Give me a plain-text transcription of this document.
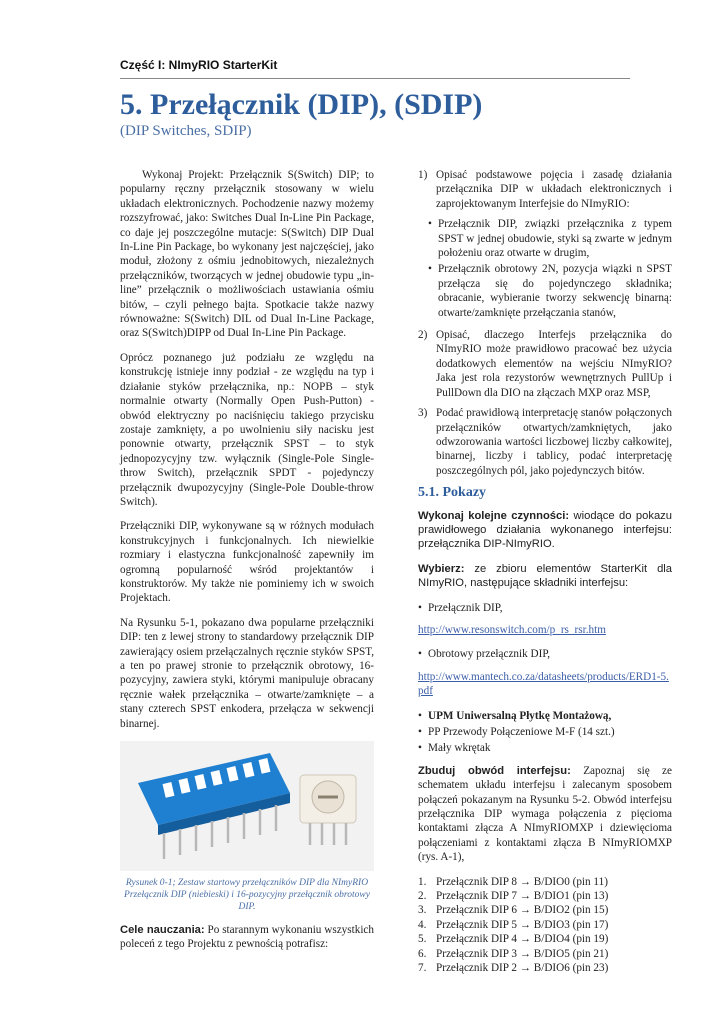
Część I: NImyRIO StarterKit
5. Przełącznik (DIP), (SDIP)
(DIP Switches, SDIP)

Wykonaj Projekt: Przełącznik S(Switch) DIP; to popularny ręczny przełącznik stosowany w wielu układach elektronicznych. Pochodzenie nazwy możemy rozszyfrować, jako: Switches Dual In-Line Pin Package, co daje jej poszczególne mutacje: S(Switch) DIP Dual In-Line Pin Package, bo wykonany jest najczęściej, jako moduł, złożony z ośmiu jednobitowych, niezależnych przełączników, tworzących w jednej obudowie typu „in-line” przełącznik o możliwościach ustawiania ośmiu bitów, – czyli pełnego bajta. Spotkacie także nazwy równoważne: S(Switch) DIL od Dual In-Line Package, oraz S(Switch)DIPP od Dual In-Line Pin Package.

Oprócz poznanego już podziału ze względu na konstrukcję istnieje inny podział - ze względu na typ i działanie styków przełącznika, np.: NOPB – styk normalnie otwarty (Normally Open Push-Putton) - obwód elektryczny po naciśnięciu takiego przycisku zostaje zamknięty, a po uwolnieniu siły nacisku jest ponownie otwarty, przełącznik SPST – to styk jednopozycyjny tzw. wyłącznik (Single-Pole Single-throw Switch), przełącznik SPDT - pojedynczy przełącznik dwupozycyjny (Single-Pole Double-throw Switch).

Przełączniki DIP, wykonywane są w różnych modułach konstrukcyjnych i funkcjonalnych. Ich niewielkie rozmiary i elastyczna funkcjonalność zapewniły im ogromną popularność wśród projektantów i konstruktorów. My także nie pominiemy ich w swoich Projektach.

Na Rysunku 5-1, pokazano dwa popularne przełączniki DIP: ten z lewej strony to standardowy przełącznik DIP zawierający osiem przełączalnych ręcznie styków SPST, a ten po prawej stronie to przełącznik obrotowy, 16-pozycyjny, zawiera styki, którymi manipuluje obracany ręcznie wałek przełącznika – otwarte/zamknięte – a stany czterech SPST enkodera, przełącza w sekwencji binarnej.

Rysunek 0-1; Zestaw startowy przełączników DIP dla NImyRIO Przełącznik DIP (niebieski) i 16-pozycyjny przełącznik obrotowy DIP.

Cele nauczania: Po starannym wykonaniu wszystkich poleceń z tego Projektu z pewnością potrafisz:

1) Opisać podstawowe pojęcia i zasadę działania przełącznika DIP w układach elektronicznych i zaprojektowanym Interfejsie do NImyRIO:
• Przełącznik DIP, związki przełącznika z typem SPST w jednej obudowie, styki są zwarte w jednym położeniu oraz otwarte w drugim,
• Przełącznik obrotowy 2N, pozycja wiązki n SPST przełącza się do pojedynczego składnika; obracanie, wybieranie tworzy sekwencję binarną: otwarte/zamknięte przełączania stanów,
2) Opisać, dlaczego Interfejs przełącznika do NImyRIO może prawidłowo pracować bez użycia dodatkowych elementów na wejściu NImyRIO? Jaka jest rola rezystorów wewnętrznych PullUp i PullDown dla DIO na złączach MXP oraz MSP,
3) Podać prawidłową interpretację stanów połączonych przełączników otwartych/zamkniętych, jako odwzorowania wartości liczbowej liczby całkowitej, binarnej, liczby i tablicy, podać interpretację poszczególnych pól, jako pojedynczych bitów.
5.1. Pokazy

Wykonaj kolejne czynności: wiodące do pokazu prawidłowego działania wykonanego interfejsu: przełącznika DIP-NImyRIO.

Wybierz: ze zbioru elementów StarterKit dla NImyRIO, następujące składniki interfejsu:

• Przełącznik DIP,

http://www.resonswitch.com/p_rs_rsr.htm

• Obrotowy przełącznik DIP,

http://www.mantech.co.za/datasheets/products/ERD1-5.pdf

• UPM Uniwersalną Płytkę Montażową,
• PP Przewody Połączeniowe M-F (14 szt.)
• Mały wkrętak

Zbuduj obwód interfejsu: Zapoznaj się ze schematem układu interfejsu i zalecanym sposobem połączeń pokazanym na Rysunku 5-2. Obwód interfejsu przełącznika DIP wymaga połączenia z pięcioma kontaktami złącza A NImyRIOMXP i dziewięcioma połączeniami z kontaktami złącza B NImyRIOMXP (rys. A-1),

1. Przełącznik DIP 8 → B/DIO0 (pin 11)
2. Przełącznik DIP 7 → B/DIO1 (pin 13)
3. Przełącznik DIP 6 → B/DIO2 (pin 15)
4. Przełącznik DIP 5 → B/DIO3 (pin 17)
5. Przełącznik DIP 4 → B/DIO4 (pin 19)
6. Przełącznik DIP 3 → B/DIO5 (pin 21)
7. Przełącznik DIP 2 → B/DIO6 (pin 23)
